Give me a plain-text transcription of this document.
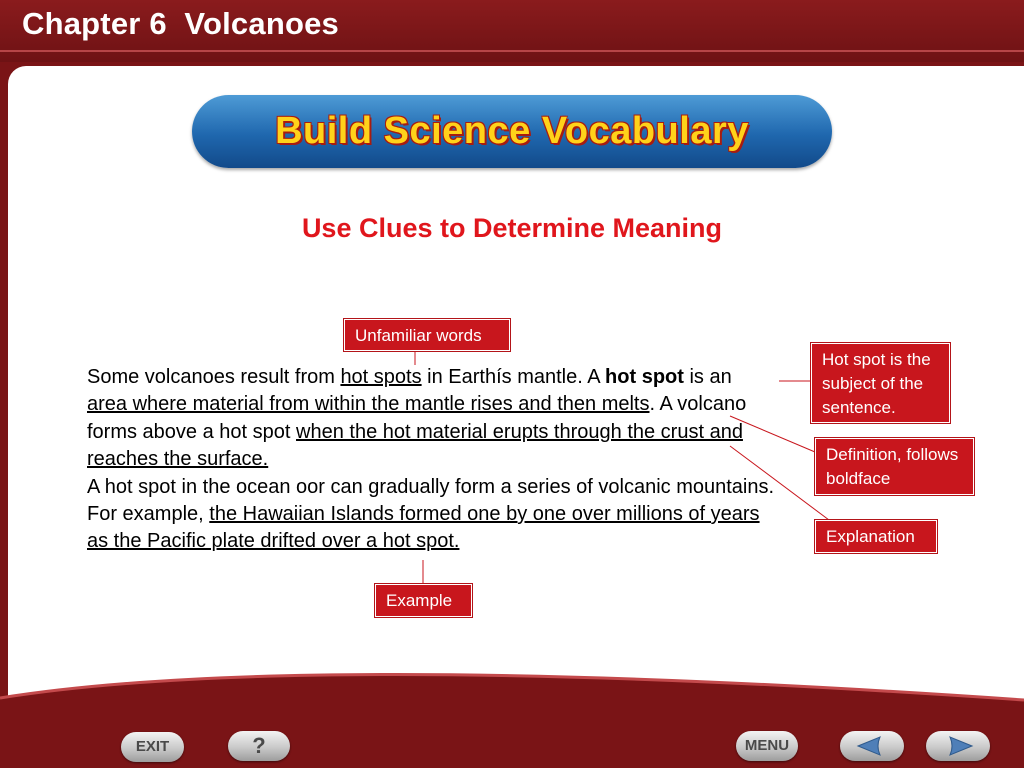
Chapter 6  Volcanoes
Build Science Vocabulary
Use Clues to Determine Meaning
Unfamiliar words
Hot spot is the subject of the sentence.
Definition, follows boldface
Explanation
Example
Some volcanoes result from hot spots in Earthís mantle. A hot spot is an area where material from within the mantle rises and then melts. A volcano forms above a hot spot when the hot material erupts through the crust and reaches the surface.
A hot spot in the ocean oor can gradually form a series of volcanic mountains. For example, the Hawaiian Islands formed one by one over millions of years as the Pacific plate drifted over a hot spot.
EXIT	?	MENU
